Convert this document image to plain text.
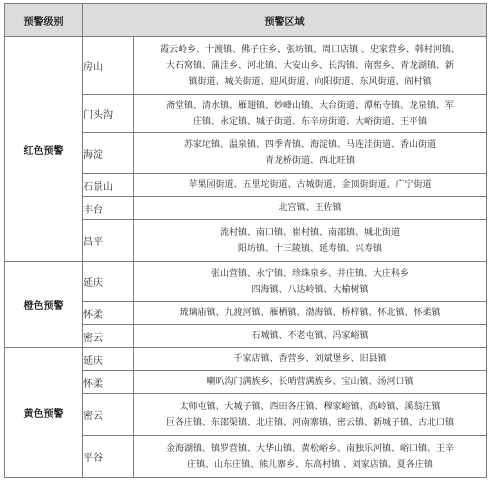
预警级别	预警区域	
红色预警	房山	霞云岭乡、十渡镇、佛子庄乡、张坊镇、周口店镇 、史家营乡、韩村河镇、
大石窝镇、蒲洼乡、河北镇、大安山乡、长沟镇、南窖乡、青龙湖镇、新
镇街道、城关街道、迎风街道、向阳街道、东风街道、阎村镇

	门头沟	斋堂镇、清水镇、雁翅镇、妙峰山镇、大台街道、潭柘寺镇、龙泉镇、军
庄镇、永定镇、城子街道、东辛房街道、大峪街道、王平镇

	海淀	苏家坨镇、温泉镇、四季青镇、海淀镇、马连洼街道、香山街道
青龙桥街道、西北旺镇

	石景山	苹果园街道、五里坨街道、古城街道、金顶街街道、广宁街道

	丰台	北宫镇、王佐镇

	昌平	流村镇、南口镇、崔村镇、南邵镇、城北街道
阳坊镇、十三陵镇、延寿镇、兴寿镇

橙色预警	延庆	张山营镇、永宁镇、珍珠泉乡、井庄镇、大庄科乡
四海镇、八达岭镇、大榆树镇

	怀柔	琉璃庙镇、九渡河镇、雁栖镇、渤海镇、桥梓镇、怀北镇、怀柔镇

	密云	石城镇、不老屯镇、冯家峪镇

黄色预警	延庆	千家店镇、香营乡、刘斌堡乡、旧县镇

	怀柔	喇叭沟门满族乡、长哨营满族乡、宝山镇、汤河口镇

	密云	太师屯镇、大城子镇、西田各庄镇、穆家峪镇、高岭镇、溪翁庄镇
巨各庄镇、东邵渠镇、北庄镇、河南寨镇、密云镇、新城子镇、古北口镇

	平谷	金海湖镇、镇罗营镇、大华山镇、黄松峪乡、南独乐河镇、峪口镇、王辛
庄镇、山东庄镇、熊儿寨乡、东高村镇 、刘家店镇、夏各庄镇
